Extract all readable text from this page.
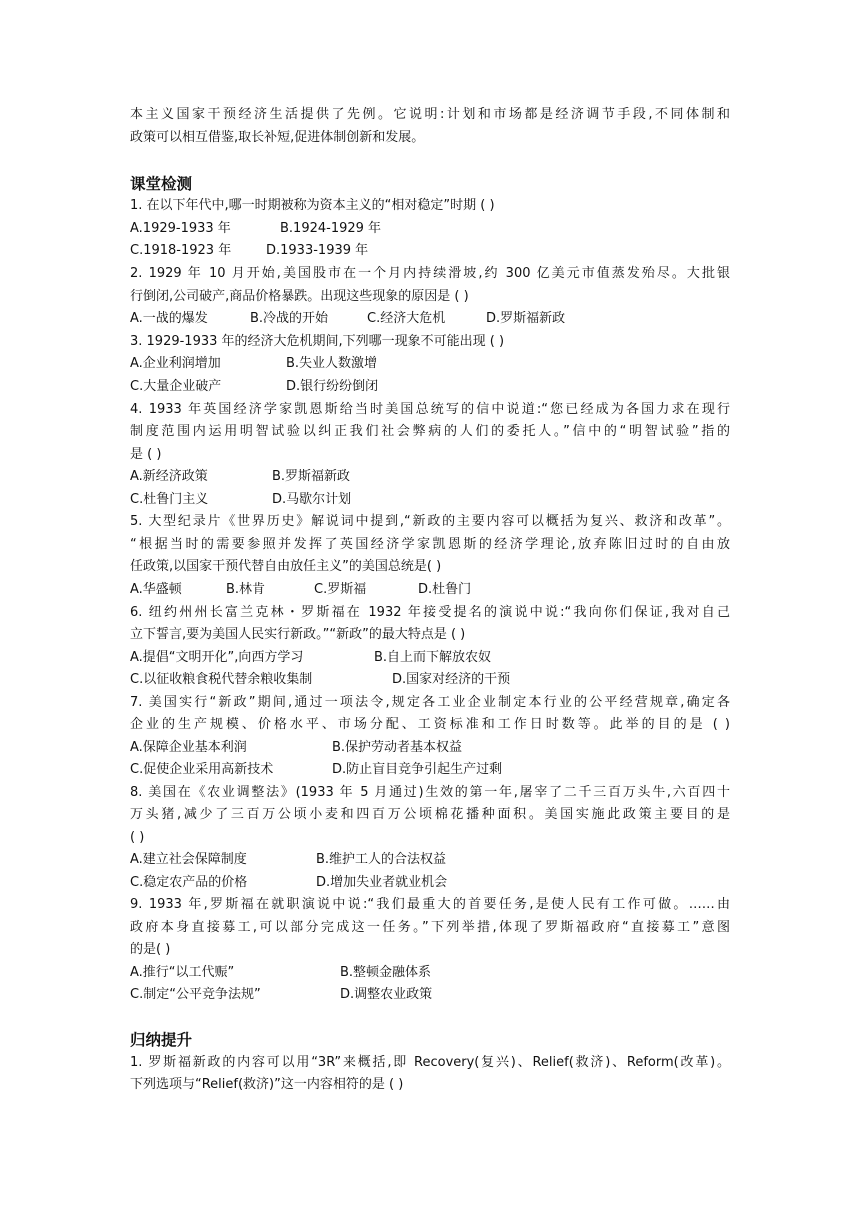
本主义国家干预经济生活提供了先例。它说明:计划和市场都是经济调节手段,不同体制和
政策可以相互借鉴,取长补短,促进体制创新和发展。
课堂检测
1. 在以下年代中,哪一时期被称为资本主义的“相对稳定”时期 ( )
A.1929-1933 年	B.1924-1929 年
C.1918-1923 年	D.1933-1939 年
2. 1929 年 10 月开始,美国股市在一个月内持续滑坡,约 300 亿美元市值蒸发殆尽。大批银
行倒闭,公司破产,商品价格暴跌。出现这些现象的原因是 ( )
A.一战的爆发	B.冷战的开始	C.经济大危机	D.罗斯福新政
3. 1929-1933 年的经济大危机期间,下列哪一现象不可能出现 ( )
A.企业利润增加	B.失业人数激增
C.大量企业破产	D.银行纷纷倒闭
4. 1933 年英国经济学家凯恩斯给当时美国总统写的信中说道:“您已经成为各国力求在现行
制度范围内运用明智试验以纠正我们社会弊病的人们的委托人。”信中的“明智试验”指的
是 ( )
A.新经济政策	B.罗斯福新政
C.杜鲁门主义	D.马歇尔计划
5. 大型纪录片《世界历史》解说词中提到,“新政的主要内容可以概括为复兴、救济和改革”。
“根据当时的需要参照并发挥了英国经济学家凯恩斯的经济学理论,放弃陈旧过时的自由放
任政策,以国家干预代替自由放任主义”的美国总统是( )
A.华盛顿	B.林肯	C.罗斯福	D.杜鲁门
6. 纽约州州长富兰克林・罗斯福在 1932 年接受提名的演说中说:“我向你们保证,我对自己
立下誓言,要为美国人民实行新政。”“新政”的最大特点是 ( )
A.提倡“文明开化”,向西方学习	B.自上而下解放农奴
C.以征收粮食税代替余粮收集制	D.国家对经济的干预
7. 美国实行“新政”期间,通过一项法令,规定各工业企业制定本行业的公平经营规章,确定各
企业的生产规模、价格水平、市场分配、工资标准和工作日时数等。此举的目的是 ( )
A.保障企业基本利润	B.保护劳动者基本权益
C.促使企业采用高新技术	D.防止盲目竞争引起生产过剩
8. 美国在《农业调整法》(1933 年 5 月通过)生效的第一年,屠宰了二千三百万头牛,六百四十
万头猪,减少了三百万公顷小麦和四百万公顷棉花播种面积。美国实施此政策主要目的是
( )
A.建立社会保障制度	B.维护工人的合法权益
C.稳定农产品的价格	D.增加失业者就业机会
9. 1933 年,罗斯福在就职演说中说:“我们最重大的首要任务,是使人民有工作可做。……由
政府本身直接募工,可以部分完成这一任务。”下列举措,体现了罗斯福政府“直接募工”意图
的是( )
A.推行“以工代赈”	B.整顿金融体系
C.制定“公平竞争法规”	D.调整农业政策
归纳提升
1. 罗斯福新政的内容可以用“3R”来概括,即 Recovery(复兴)、Relief(救济)、Reform(改革)。
下列选项与“Relief(救济)”这一内容相符的是 ( )
